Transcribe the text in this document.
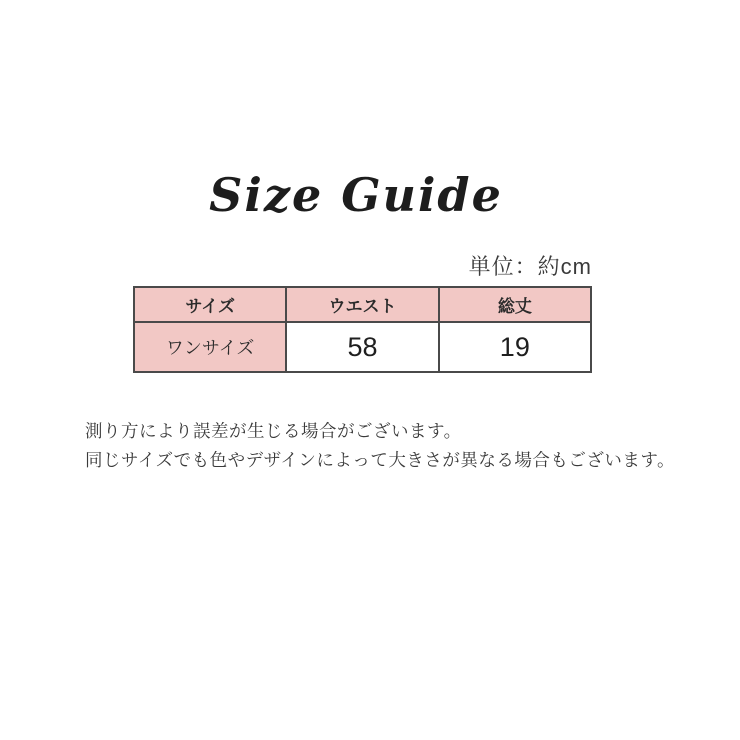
Size Guide
単位：約cm
サイズ	ウエスト	総丈
ワンサイズ	58	19
測り方により誤差が生じる場合がございます。
同じサイズでも色やデザインによって大きさが異なる場合もございます。
